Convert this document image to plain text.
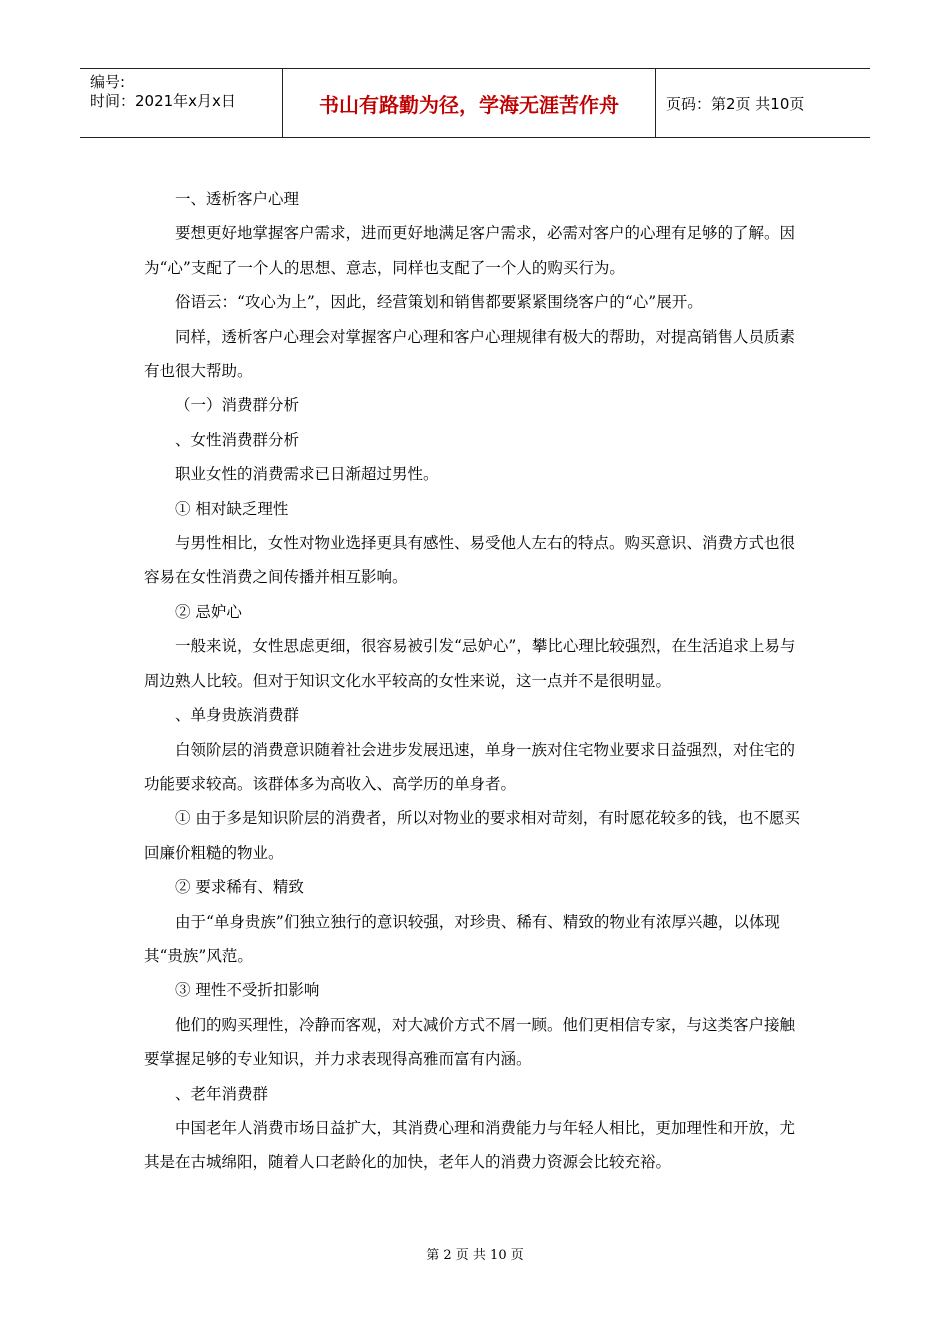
编号:
时间：2021年x月x日	书山有路勤为径，学海无涯苦作舟	页码：第2页 共10页

一、透析客户心理

要想更好地掌握客户需求，进而更好地满足客户需求，必需对客户的心理有足够的了解。因为“心”支配了一个人的思想、意志，同样也支配了一个人的购买行为。

俗语云：“攻心为上”，因此，经营策划和销售都要紧紧围绕客户的“心”展开。

同样，透析客户心理会对掌握客户心理和客户心理规律有极大的帮助，对提高销售人员质素有也很大帮助。

（一）消费群分析

、女性消费群分析

职业女性的消费需求已日渐超过男性。

① 相对缺乏理性

与男性相比，女性对物业选择更具有感性、易受他人左右的特点。购买意识、消费方式也很容易在女性消费之间传播并相互影响。

② 忌妒心

一般来说，女性思虑更细，很容易被引发“忌妒心”，攀比心理比较强烈，在生活追求上易与周边熟人比较。但对于知识文化水平较高的女性来说，这一点并不是很明显。

、单身贵族消费群

白领阶层的消费意识随着社会进步发展迅速，单身一族对住宅物业要求日益强烈，对住宅的功能要求较高。该群体多为高收入、高学历的单身者。

① 由于多是知识阶层的消费者，所以对物业的要求相对苛刻，有时愿花较多的钱，也不愿买回廉价粗糙的物业。

② 要求稀有、精致

由于“单身贵族”们独立独行的意识较强，对珍贵、稀有、精致的物业有浓厚兴趣，以体现其“贵族”风范。

③ 理性不受折扣影响

他们的购买理性，冷静而客观，对大减价方式不屑一顾。他们更相信专家，与这类客户接触要掌握足够的专业知识，并力求表现得高雅而富有内涵。

、老年消费群

中国老年人消费市场日益扩大，其消费心理和消费能力与年轻人相比，更加理性和开放，尤其是在古城绵阳，随着人口老龄化的加快，老年人的消费力资源会比较充裕。

第 2 页 共 10 页
